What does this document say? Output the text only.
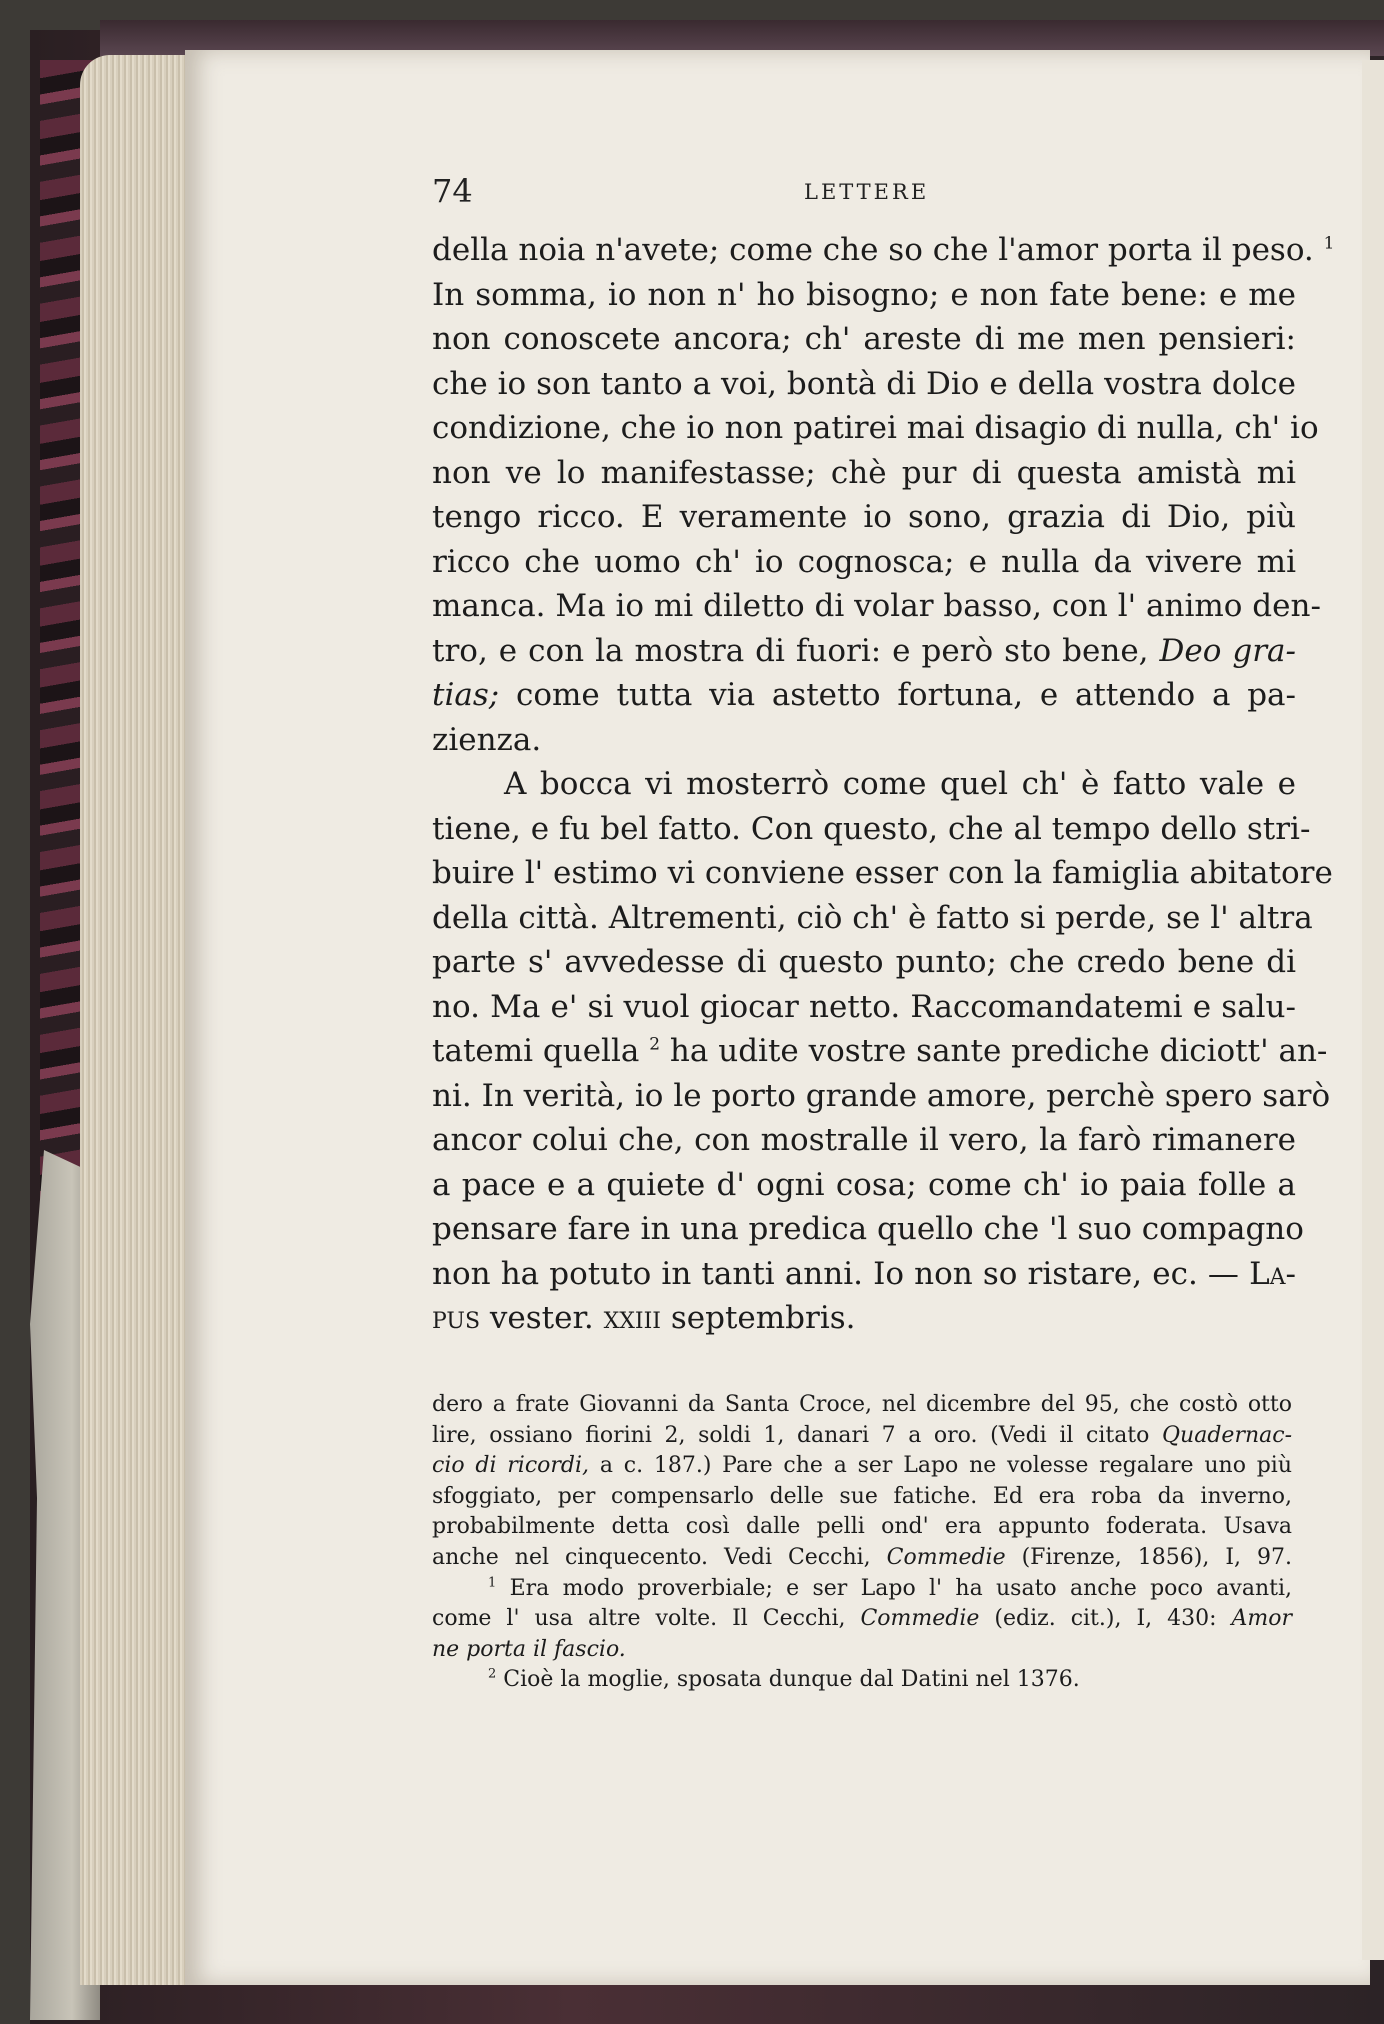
74	LETTERE
della noia n'avete; come che so che l'amor porta il peso. $^1$
In somma, io non n' ho bisogno; e non fate bene: e me
non conoscete ancora; ch' areste di me men pensieri:
che io son tanto a voi, bontà di Dio e della vostra dolce
condizione, che io non patirei mai disagio di nulla, ch' io
non ve lo manifestasse; chè pur di questa amistà mi
tengo ricco. E veramente io sono, grazia di Dio, più
ricco che uomo ch' io cognosca; e nulla da vivere mi
manca. Ma io mi diletto di volar basso, con l' animo den-
tro, e con la mostra di fuori: e però sto bene, Deo gra-
tias; come tutta via astetto fortuna, e attendo a pa-
zienza.
A bocca vi mosterrò come quel ch' è fatto vale e
tiene, e fu bel fatto. Con questo, che al tempo dello stri-
buire l' estimo vi conviene esser con la famiglia abitatore
della città. Altrementi, ciò ch' è fatto si perde, se l' altra
parte s' avvedesse di questo punto; che credo bene di
no. Ma e' si vuol giocar netto. Raccomandatemi e salu-
tatemi quella $^2$ ha udite vostre sante prediche diciott' an-
ni. In verità, io le porto grande amore, perchè spero sarò
ancor colui che, con mostralle il vero, la farò rimanere
a pace e a quiete d' ogni cosa; come ch' io paia folle a
pensare fare in una predica quello che 'l suo compagno
non ha potuto in tanti anni. Io non so ristare, ec. — La-
pus vester. xxiii septembris.
dero a frate Giovanni da Santa Croce, nel dicembre del 95, che costò otto
lire, ossiano fiorini 2, soldi 1, danari 7 a oro. (Vedi il citato Quadernac-
cio di ricordi, a c. 187.) Pare che a ser Lapo ne volesse regalare uno più
sfoggiato, per compensarlo delle sue fatiche. Ed era roba da inverno,
probabilmente detta così dalle pelli ond' era appunto foderata. Usava
anche nel cinquecento. Vedi Cecchi, Commedie (Firenze, 1856), I, 97.
$^1$ Era modo proverbiale; e ser Lapo l' ha usato anche poco avanti,
come l' usa altre volte. Il Cecchi, Commedie (ediz. cit.), I, 430: Amor
ne porta il fascio.
$^2$ Cioè la moglie, sposata dunque dal Datini nel 1376.
